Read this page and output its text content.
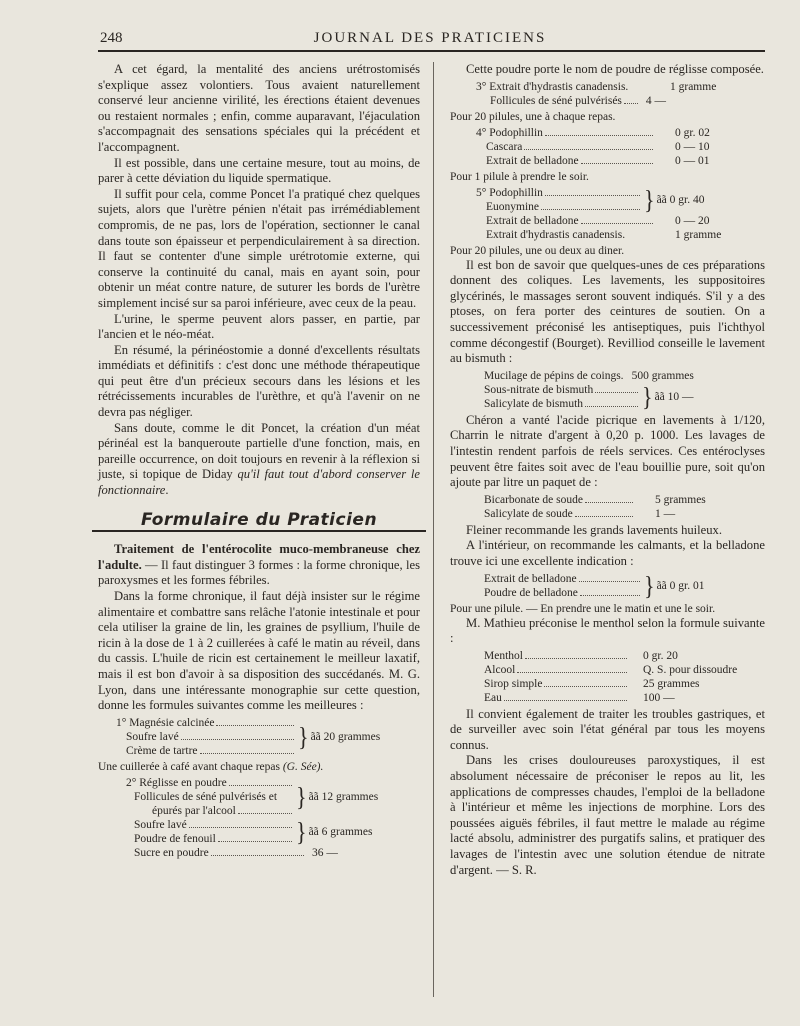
248	JOURNAL DES PRATICIENS

A cet égard, la mentalité des anciens urétrostomisés s'explique assez volontiers. Tous avaient naturellement conservé leur ancienne virilité, les érections étaient devenues ou restaient normales ; enfin, comme auparavant, l'éjaculation s'accompagnait des sensations spéciales qui la précédent et l'accompagnent.

Il est possible, dans une certaine mesure, tout au moins, de parer à cette déviation du liquide spermatique.

Il suffit pour cela, comme Poncet l'a pratiqué chez quelques sujets, alors que l'urètre pénien n'était pas irrémédiablement compromis, de ne pas, lors de l'opération, sectionner le canal dans toute son épaisseur et perpendiculairement à sa direction. Il faut se contenter d'une simple urétrotomie externe, qui conserve la continuité du canal, mais en ayant soin, pour obtenir un méat contre nature, de suturer les bords de l'urètre simplement incisé sur sa paroi inférieure, avec ceux de la peau.

L'urine, le sperme peuvent alors passer, en partie, par l'ancien et le néo-méat.

En résumé, la périnéostomie a donné d'excellents résultats immédiats et définitifs : c'est donc une méthode thérapeutique qui peut être d'un précieux secours dans les lésions et les rétrécissements incurables de l'urèthre, et qu'à l'avenir on ne devra pas négliger.

Sans doute, comme le dit Poncet, la création d'un méat périnéal est la banqueroute partielle d'une fonction, mais, en pareille occurrence, on doit toujours en revenir à la réflexion si juste, si topique de Diday qu'il faut tout d'abord conserver le fonctionnaire.

Formulaire du Praticien

Traitement de l'entérocolite muco-membraneuse chez l'adulte. — Il faut distinguer 3 formes : la forme chronique, les paroxysmes et les formes fébriles.

Dans la forme chronique, il faut déjà insister sur le régime alimentaire et combattre sans relâche l'atonie intestinale et pour cela utiliser la graine de lin, les graines de psyllium, l'huile de ricin à la dose de 1 à 2 cuillerées à café le matin au réveil, dans du cassis. L'huile de ricin est certainement le meilleur laxatif, mais il est bon d'avoir à sa disposition des succédanés. M. G. Lyon, dans une intéressante monographie sur cette question, donne les formules suivantes comme les meilleures :

1° Magnésie calcinée
Soufre lavé
Crème de tartre	} ãã 20 grammes

Une cuillerée à café avant chaque repas (G. Sée).

2° Réglisse en poudre
Follicules de séné pulvérisés et
épurés par l'alcool	} ãã 12 grammes
Soufre lavé
Poudre de fenouil	} ãã 6 grammes
Sucre en poudre	36 —

Cette poudre porte le nom de poudre de réglisse composée.

3° Extrait d'hydrastis canadensis.	1 gramme
Follicules de séné pulvérisés	4 —

Pour 20 pilules, une à chaque repas.

4° Podophillin	0 gr. 02
Cascara	0 — 10
Extrait de belladone	0 — 01

Pour 1 pilule à prendre le soir.

5° Podophillin
Euonymine	} ãã 0 gr. 40
Extrait de belladone	0 — 20
Extrait d'hydrastis canadensis.	1 gramme

Pour 20 pilules, une ou deux au diner.

Il est bon de savoir que quelques-unes de ces préparations donnent des coliques. Les lavements, les suppositoires glycérinés, le massages seront souvent indiqués. S'il y a des ptoses, on fera porter des ceintures de soutien. On a successivement préconisé les antiseptiques, puis l'ichthyol comme décongestif (Bourget). Revilliod conseille le lavement au bismuth :

Mucilage de pépins de coings. 500 grammes
Sous-nitrate de bismuth
Salicylate de bismuth	} ãã 10 —

Chéron a vanté l'acide picrique en lavements à 1/120, Charrin le nitrate d'argent à 0,20 p. 1000. Les lavages de l'intestin rendent parfois de réels services. Ces entéroclyses peuvent être faites soit avec de l'eau bouillie pure, soit qu'on ajoute par litre un paquet de :

Bicarbonate de soude	5 grammes
Salicylate de soude	1 —

Fleiner recommande les grands lavements huileux.

A l'intérieur, on recommande les calmants, et la belladone trouve ici une excellente indication :

Extrait de belladone
Poudre de belladone	} ãã 0 gr. 01

Pour une pilule. — En prendre une le matin et une le soir.

M. Mathieu préconise le menthol selon la formule suivante :

Menthol	0 gr. 20
Alcool	Q. S. pour dissoudre
Sirop simple	25 grammes
Eau	100 —

Il convient également de traiter les troubles gastriques, et de surveiller avec soin l'état général par tous les moyens connus.

Dans les crises douloureuses paroxystiques, il est absolument nécessaire de préconiser le repos au lit, les applications de compresses chaudes, l'emploi de la belladone à l'intérieur et même les injections de morphine. Lors des poussées aiguës fébriles, il faut mettre le malade au régime lacté absolu, administrer des purgatifs salins, et pratiquer des lavages de l'intestin avec une solution étendue de nitrate d'argent. — S. R.
